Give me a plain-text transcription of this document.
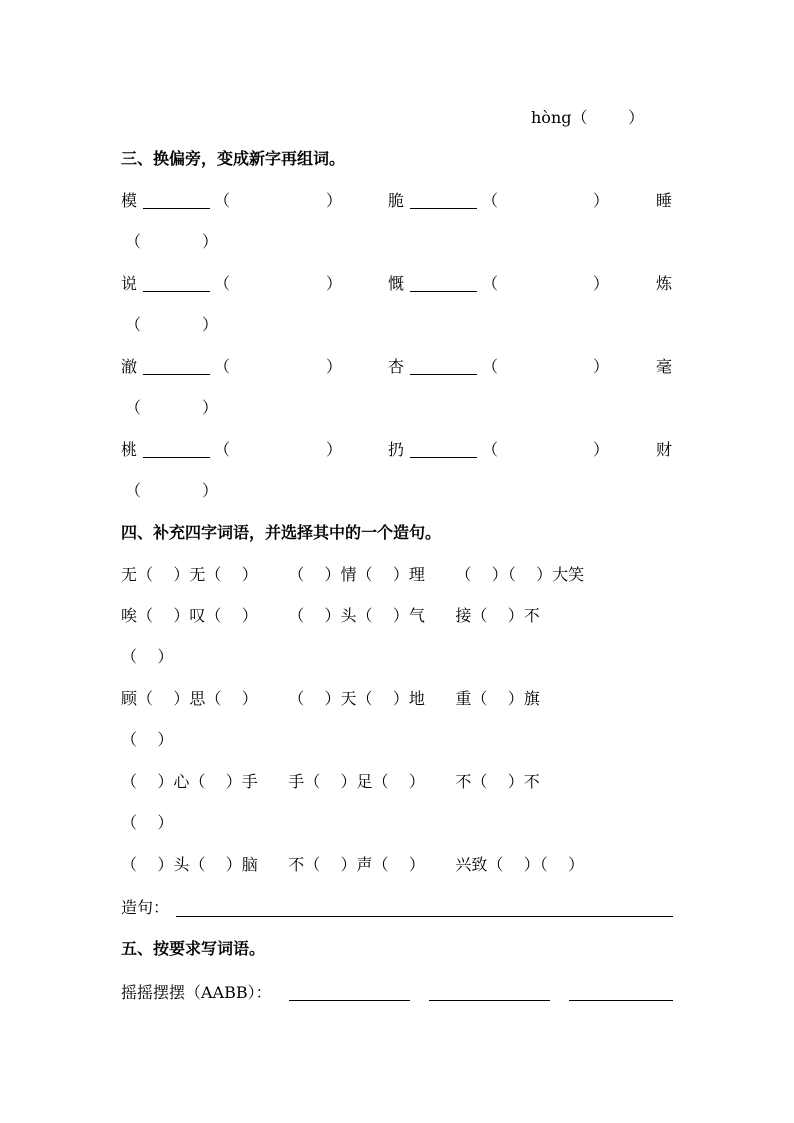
hòng（        ）
三、换偏旁，变成新字再组词。
模	（	）	脆	（	）	睡
（	）
说	（	）	慨	（	）	炼
（	）
澈	（	）	杏	（	）	毫
（	）
桃	（	）	扔	（	）	财
（	）
四、补充四字词语，并选择其中的一个造句。
无（    ）无（    ）      （    ）情（    ）理      （    ）（    ）大笑
唉（    ）叹（    ）      （    ）头（    ）气      接（    ）不
（    ）
顾（    ）思（    ）      （    ）天（    ）地      重（    ）旗
（    ）
（    ）心（    ）手      手（    ）足（    ）      不（    ）不
（    ）
（    ）头（    ）脑      不（    ）声（    ）      兴致（    ）（    ）
造句：
五、按要求写词语。
摇摇摆摆（AABB）：
